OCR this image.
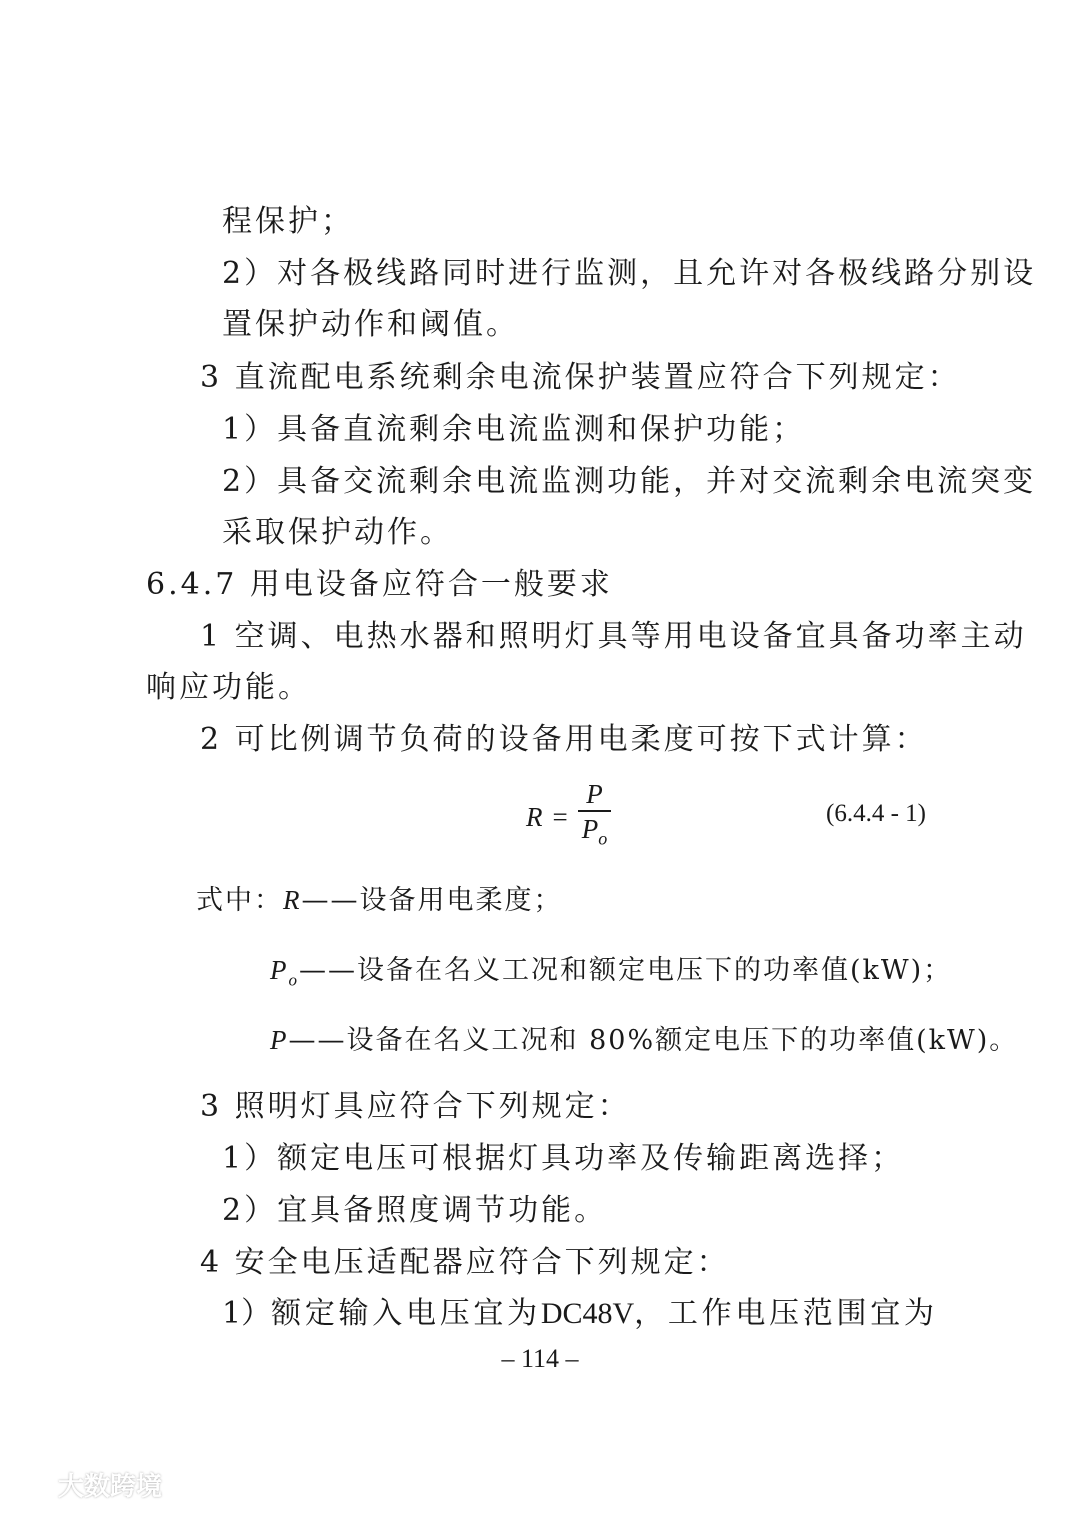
程保护；
2）对各极线路同时进行监测，且允许对各极线路分别设
置保护动作和阈值。
3 直流配电系统剩余电流保护装置应符合下列规定：
1）具备直流剩余电流监测和保护功能；
2）具备交流剩余电流监测功能，并对交流剩余电流突变
采取保护动作。
6.4.7 用电设备应符合一般要求
1 空调、电热水器和照明灯具等用电设备宜具备功率主动
响应功能。
2 可比例调节负荷的设备用电柔度可按下式计算：
$R = \frac{P}{P_o}$	(6.4.4 - 1)
式中：R——设备用电柔度；
$P_o——$设备在名义工况和额定电压下的功率值(kW)；
P——设备在名义工况和 80%额定电压下的功率值(kW)。
3 照明灯具应符合下列规定：
1）额定电压可根据灯具功率及传输距离选择；
2）宜具备照度调节功能。
4 安全电压适配器应符合下列规定：
1）额 定 输 入 电 压 宜 为 DC48V， 工 作 电 压 范 围 宜 为
– 114 –
大数跨境
